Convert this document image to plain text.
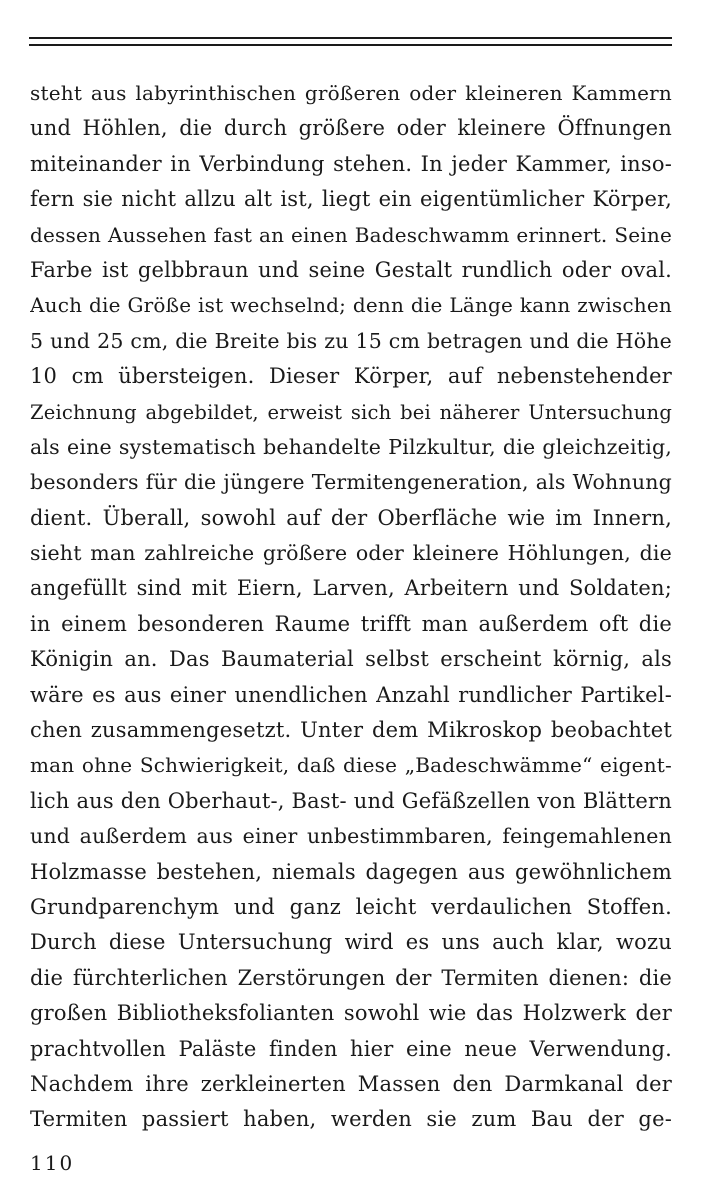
steht aus labyrinthischen größeren oder kleineren Kammern
und Höhlen, die durch größere oder kleinere Öffnungen
miteinander in Verbindung stehen. In jeder Kammer, inso-
fern sie nicht allzu alt ist, liegt ein eigentümlicher Körper,
dessen Aussehen fast an einen Badeschwamm erinnert. Seine
Farbe ist gelbbraun und seine Gestalt rundlich oder oval.
Auch die Größe ist wechselnd; denn die Länge kann zwischen
5 und 25 cm, die Breite bis zu 15 cm betragen und die Höhe
10 cm übersteigen. Dieser Körper, auf nebenstehender
Zeichnung abgebildet, erweist sich bei näherer Untersuchung
als eine systematisch behandelte Pilzkultur, die gleichzeitig,
besonders für die jüngere Termitengeneration, als Wohnung
dient. Überall, sowohl auf der Oberfläche wie im Innern,
sieht man zahlreiche größere oder kleinere Höhlungen, die
angefüllt sind mit Eiern, Larven, Arbeitern und Soldaten;
in einem besonderen Raume trifft man außerdem oft die
Königin an. Das Baumaterial selbst erscheint körnig, als
wäre es aus einer unendlichen Anzahl rundlicher Partikel-
chen zusammengesetzt. Unter dem Mikroskop beobachtet
man ohne Schwierigkeit, daß diese „Badeschwämme“ eigent-
lich aus den Oberhaut-, Bast- und Gefäßzellen von Blättern
und außerdem aus einer unbestimmbaren, feingemahlenen
Holzmasse bestehen, niemals dagegen aus gewöhnlichem
Grundparenchym und ganz leicht verdaulichen Stoffen.
Durch diese Untersuchung wird es uns auch klar, wozu
die fürchterlichen Zerstörungen der Termiten dienen: die
großen Bibliotheksfolianten sowohl wie das Holzwerk der
prachtvollen Paläste finden hier eine neue Verwendung.
Nachdem ihre zerkleinerten Massen den Darmkanal der
Termiten passiert haben, werden sie zum Bau der ge-
110
